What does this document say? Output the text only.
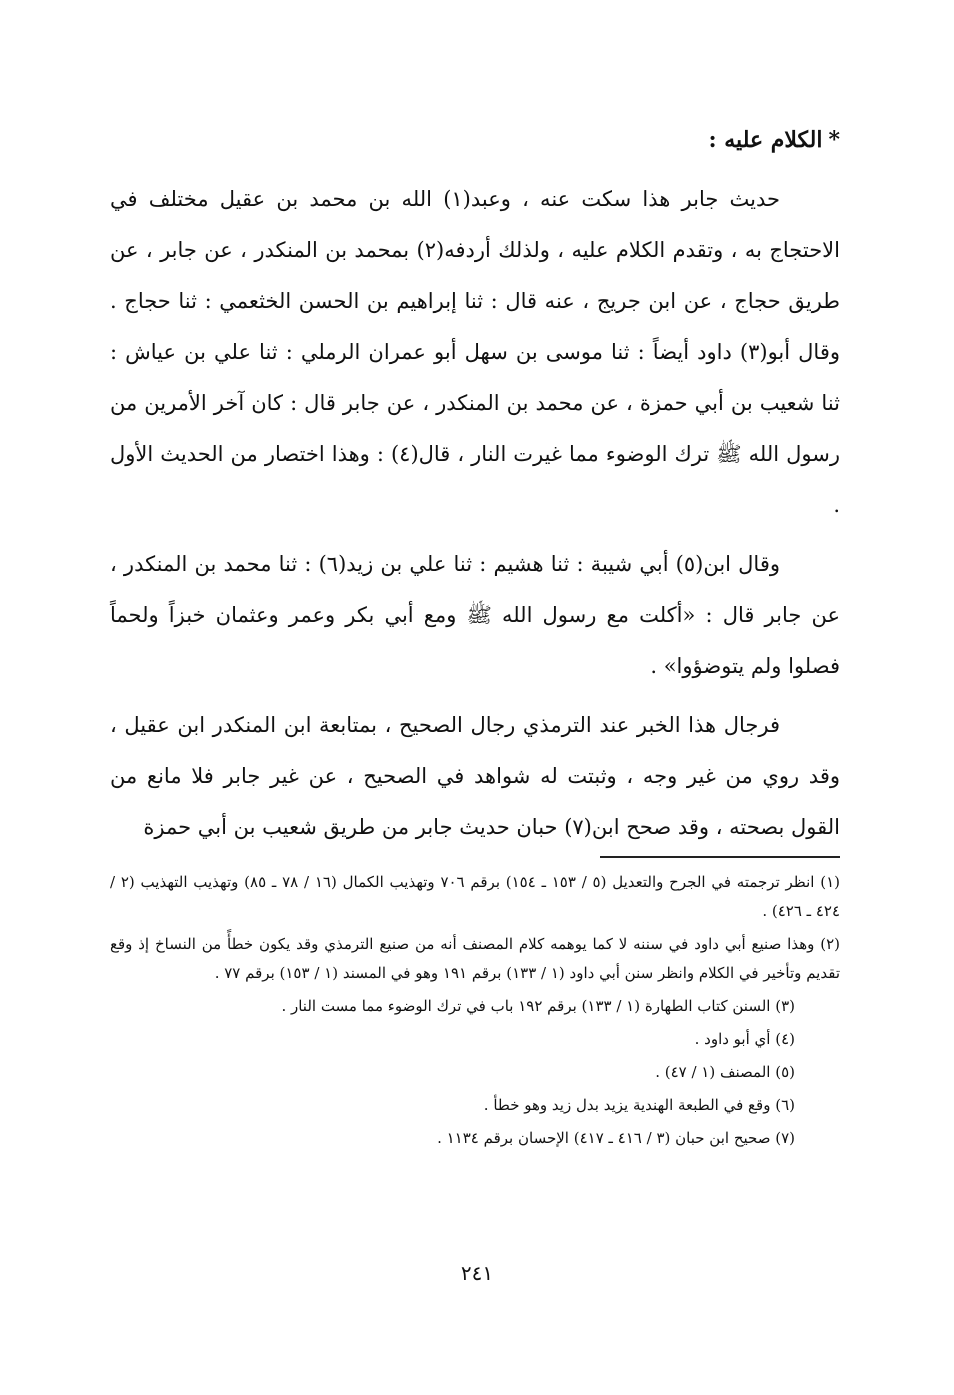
*الكلام عليه :

حديث جابر هذا سكت عنه ، وعبد(١) الله بن محمد بن عقيل مختلف في الاحتجاج به ، وتقدم الكلام عليه ، ولذلك أردفه(٢) بمحمد بن المنكدر ، عن جابر ، عن طريق حجاج ، عن ابن جريج ، عنه قال : ثنا إبراهيم بن الحسن الخثعمي : ثنا حجاج . وقال أبو(٣) داود أيضاً : ثنا موسى بن سهل أبو عمران الرملي : ثنا علي بن عياش : ثنا شعيب بن أبي حمزة ، عن محمد بن المنكدر ، عن جابر قال : كان آخر الأمرين من رسول الله ﷺ ترك الوضوء مما غيرت النار ، قال(٤) : وهذا اختصار من الحديث الأول .

وقال ابن(٥) أبي شيبة : ثنا هشيم : ثنا علي بن زيد(٦) : ثنا محمد بن المنكدر ، عن جابر قال : «أكلت مع رسول الله ﷺ ومع أبي بكر وعمر وعثمان خبزاً ولحماً فصلوا ولم يتوضؤوا» .

فرجال هذا الخبر عند الترمذي رجال الصحيح ، بمتابعة ابن المنكدر ابن عقيل ، وقد روي من غير وجه ، وثبتت له شواهد في الصحيح ، عن غير جابر فلا مانع من القول بصحته ، وقد صحح ابن(٧) حبان حديث جابر من طريق شعيب بن أبي حمزة

(١) انظر ترجمته في الجرح والتعديل (٥ / ١٥٣ ـ ١٥٤) برقم ٧٠٦ وتهذيب الكمال (١٦ / ٧٨ ـ ٨٥) وتهذيب التهذيب (٢ / ٤٢٤ ـ ٤٢٦) .

(٢) وهذا صنيع أبي داود في سننه لا كما يوهمه كلام المصنف أنه من صنيع الترمذي وقد يكون خطأً من النساخ إذ وقع تقديم وتأخير في الكلام وانظر سنن أبي داود (١ / ١٣٣) برقم ١٩١ وهو في المسند (١ / ١٥٣) برقم ٧٧ .

(٣) السنن كتاب الطهارة (١ / ١٣٣) برقم ١٩٢ باب في ترك الوضوء مما مست النار .

(٤) أي أبو داود .

(٥) المصنف (١ / ٤٧) .

(٦) وقع في الطبعة الهندية يزيد بدل زيد وهو خطأ .

(٧) صحيح ابن حبان (٣ / ٤١٦ ـ ٤١٧) الإحسان برقم ١١٣٤ .

٢٤١
